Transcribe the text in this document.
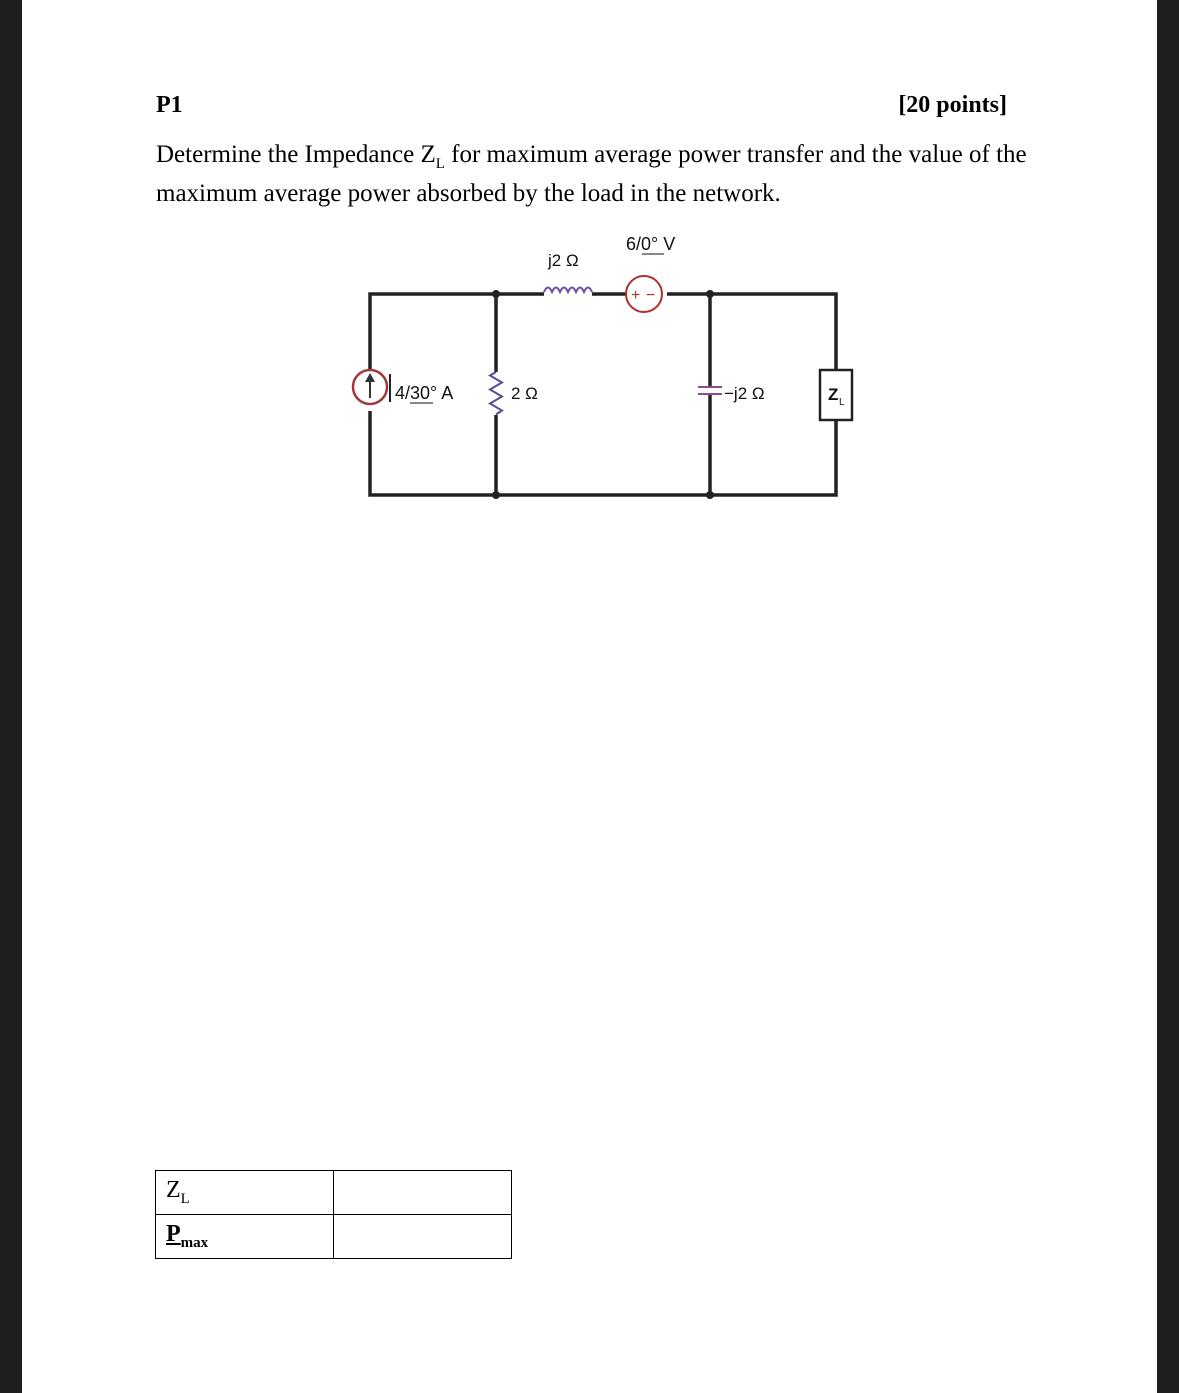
P1	[20 points]
Determine the Impedance $Z_L$ for maximum average power transfer and the value of the maximum average power absorbed by the load in the network.
j2 Ω
+ −
6/0° V
4/30° A	2 Ω	−j2 Ω	Z L
$Z_L$	
$P_{max}$	
